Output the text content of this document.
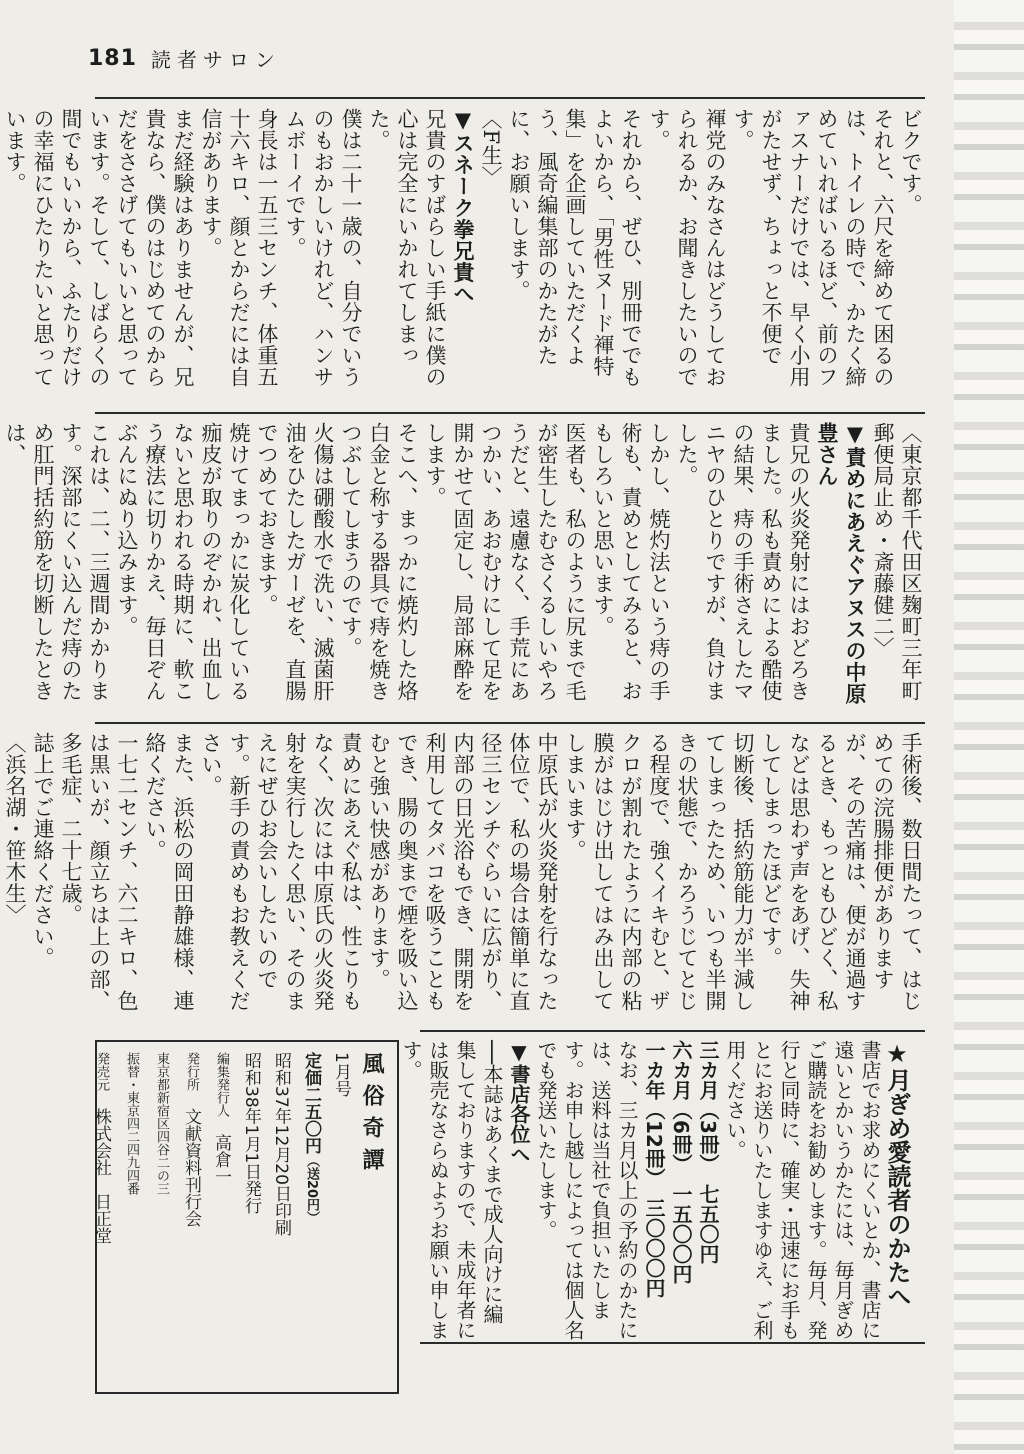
181 読者サロン
ビクです。
それと、六尺を締めて困るのは、トイレの時で、かたく締めていればいるほど、前のファスナーだけでは、早く小用がたせず、ちょっと不便です。
褌党のみなさんはどうしておられるか、お聞きしたいのです。
それから、ぜひ、別冊ででもよいから、「男性ヌード褌特集」を企画していただくよう、風奇編集部のかたがたに、お願いします。
〈F生〉
▼スネーク拳兄貴へ
兄貴のすばらしい手紙に僕の心は完全にいかれてしまった。
僕は二十一歳の、自分でいうのもおかしいけれど、ハンサムボーイです。
身長は一五三センチ、体重五十六キロ、顔とからだには自信があります。
まだ経験はありませんが、兄貴なら、僕のはじめてのからだをささげてもいいと思っています。そして、しばらくの間でもいいから、ふたりだけの幸福にひたりたいと思っています。
〈東京都千代田区麹町三年町郵便局止め・斎藤健二〉
▼責めにあえぐアヌスの中原豊さん
貴兄の火炎発射にはおどろきました。私も責めによる酷使の結果、痔の手術さえしたマニヤのひとりですが、負けました。
しかし、焼灼法という痔の手術も、責めとしてみると、おもしろいと思います。
医者も、私のように尻まで毛が密生したむさくるしいやろうだと、遠慮なく、手荒にあつかい、あおむけにして足を開かせて固定し、局部麻酔をします。
そこへ、まっかに焼灼した烙白金と称する器具で痔を焼きつぶしてしまうのです。
火傷は硼酸水で洗い、滅菌肝油をひたしたガーゼを、直腸でつめておきます。
焼けてまっかに炭化している痂皮が取りのぞかれ、出血しないと思われる時期に、軟こう療法に切りかえ、毎日ぞんぶんにぬり込みます。
これは、二、三週間かかります。深部にくい込んだ痔のため肛門括約筋を切断したときは、
手術後、数日間たって、はじめての浣腸排便がありますが、その苦痛は、便が通過するとき、もっともひどく、私などは思わず声をあげ、失神してしまったほどです。
切断後、括約筋能力が半減してしまったため、いつも半開きの状態で、かろうじてとじる程度で、強くイキむと、ザクロが割れたように内部の粘膜がはじけ出してはみ出してしまいます。
中原氏が火炎発射を行なった体位で、私の場合は簡単に直径三センチぐらいに広がり、内部の日光浴もでき、開閉を利用してタバコを吸うこともでき、腸の奥まで煙を吸い込むと強い快感があります。
責めにあえぐ私は、性こりもなく、次には中原氏の火炎発射を実行したく思い、そのまえにぜひお会いしたいのです。新手の責めもお教えください。
また、浜松の岡田静雄様、連絡ください。
一七二センチ、六二キロ、色は黒いが、顔立ちは上の部、多毛症、二十七歳。
誌上でご連絡ください。
〈浜名湖・笹木生〉
★月ぎめ愛読者のかたへ
書店でお求めにくいとか、書店に遠いとかいうかたには、毎月ぎめご購読をお勧めします。毎月、発行と同時に、確実・迅速にお手もとにお送りいたしますゆえ、ご利用ください。
三カ月（3冊）　七五〇円
六カ月（6冊）　一五〇〇円
一カ年（12冊）　三〇〇〇円
なお、三カ月以上の予約のかたには、送料は当社で負担いたします。お申し越しによっては個人名でも発送いたします。
▼書店各位へ
──本誌はあくまで成人向けに編集しておりますので、未成年者には販売なさらぬようお願い申します。
風俗奇譚
1月号
定価二五〇円（送20円）
昭和37年12月20日印刷
昭和38年1月1日発行
編集発行人　高倉一
発行所　文献資料刊行会
東京都新宿区四谷二の三
振替・東京四二四九四番
発売元　株式会社　日正堂
